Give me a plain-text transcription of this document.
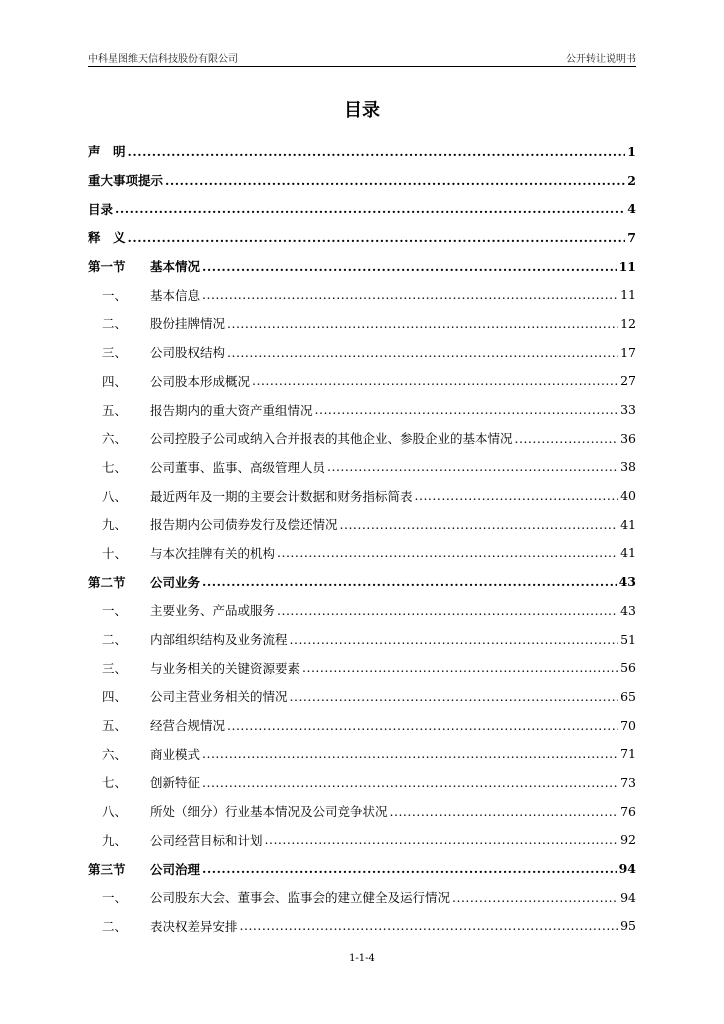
中科星图维天信科技股份有限公司	公开转让说明书
目录
声　明 .....	1
重大事项提示 .....	2
目录 .....	4
释　义 .....	7
第一节	基本情况 .....	11
一、	基本信息 .....	11
二、	股份挂牌情况 .....	12
三、	公司股权结构 .....	17
四、	公司股本形成概况 .....	27
五、	报告期内的重大资产重组情况 .....	33
六、	公司控股子公司或纳入合并报表的其他企业、参股企业的基本情况 .....	36
七、	公司董事、监事、高级管理人员 .....	38
八、	最近两年及一期的主要会计数据和财务指标简表 .....	40
九、	报告期内公司债券发行及偿还情况 .....	41
十、	与本次挂牌有关的机构 .....	41
第二节	公司业务 .....	43
一、	主要业务、产品或服务 .....	43
二、	内部组织结构及业务流程 .....	51
三、	与业务相关的关键资源要素 .....	56
四、	公司主营业务相关的情况 .....	65
五、	经营合规情况 .....	70
六、	商业模式 .....	71
七、	创新特征 .....	73
八、	所处（细分）行业基本情况及公司竞争状况 .....	76
九、	公司经营目标和计划 .....	92
第三节	公司治理 .....	94
一、	公司股东大会、董事会、监事会的建立健全及运行情况 .....	94
二、	表决权差异安排 .....	95
1-1-4
